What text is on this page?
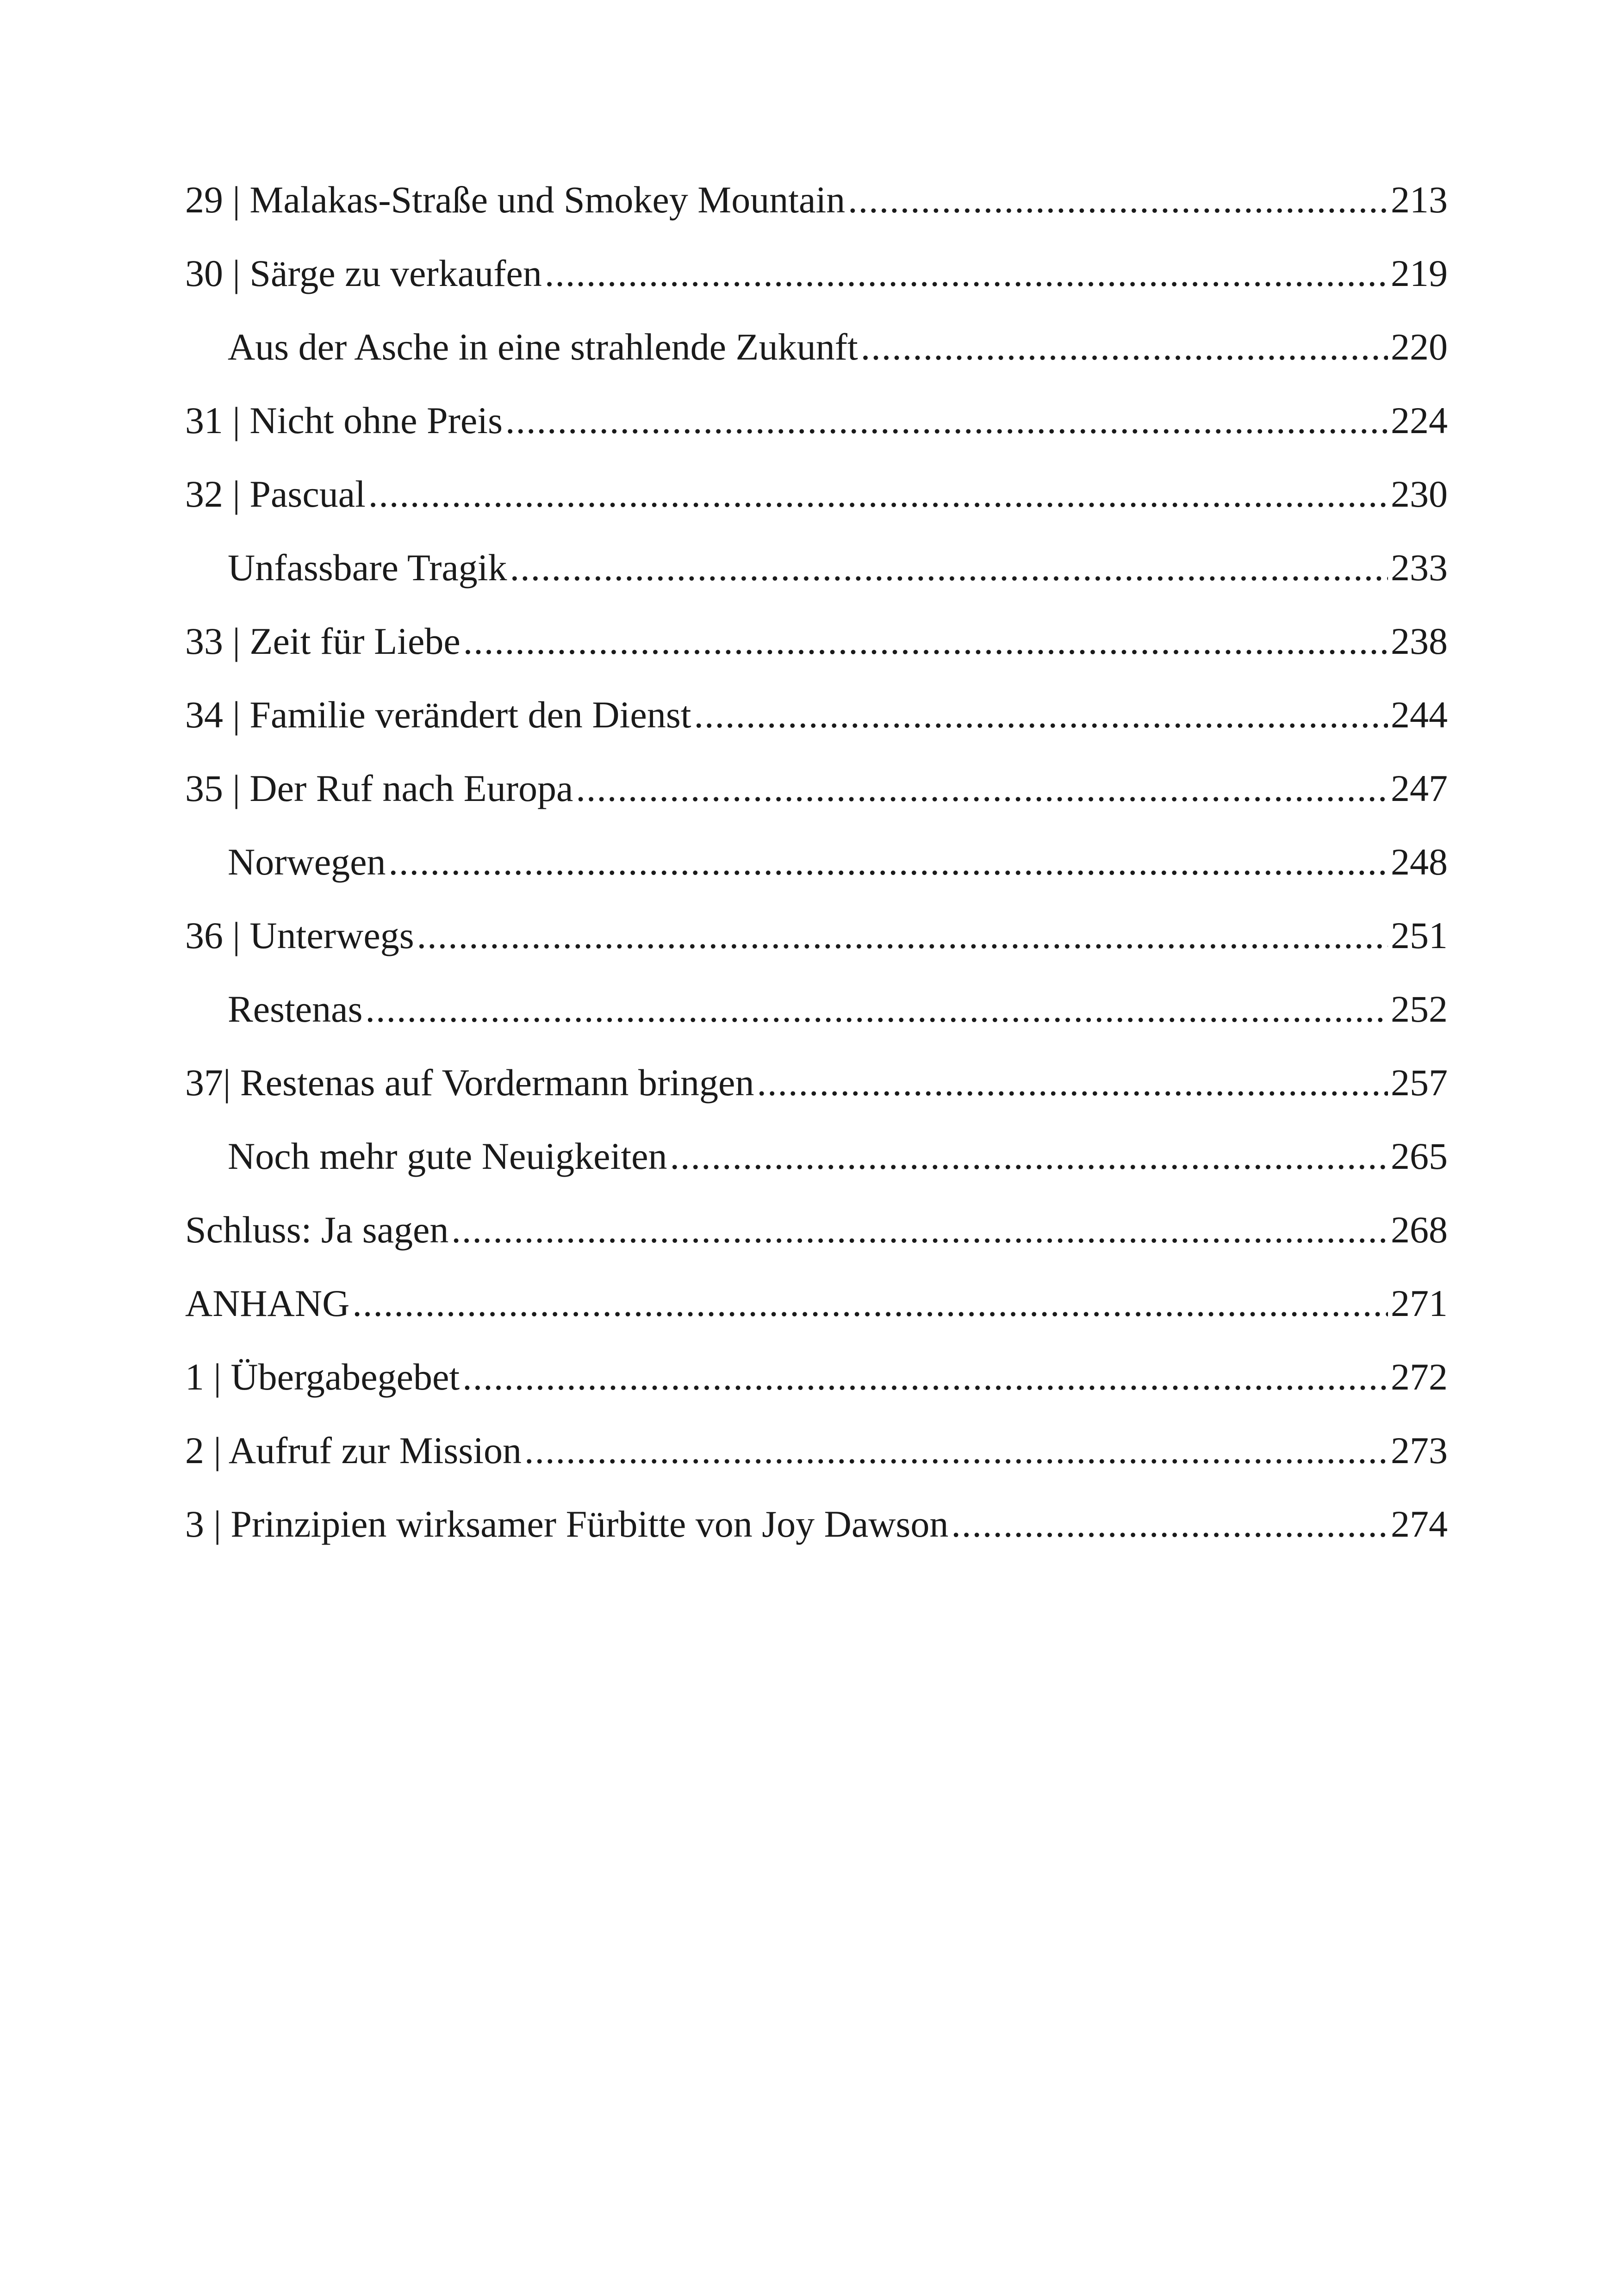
29 | Malakas-Straße und Smokey Mountain .....	213
30 | Särge zu verkaufen .....	219
Aus der Asche in eine strahlende Zukunft .....	220
31 | Nicht ohne Preis .....	224
32 | Pascual .....	230
Unfassbare Tragik .....	233
33 | Zeit für Liebe .....	238
34 | Familie verändert den Dienst .....	244
35 | Der Ruf nach Europa .....	247
Norwegen .....	248
36 | Unterwegs .....	251
Restenas .....	252
37| Restenas auf Vordermann bringen .....	257
Noch mehr gute Neuigkeiten .....	265
Schluss: Ja sagen .....	268
ANHANG .....	271
1 | Übergabegebet .....	272
2 | Aufruf zur Mission .....	273
3 | Prinzipien wirksamer Fürbitte von Joy Dawson .....	274
